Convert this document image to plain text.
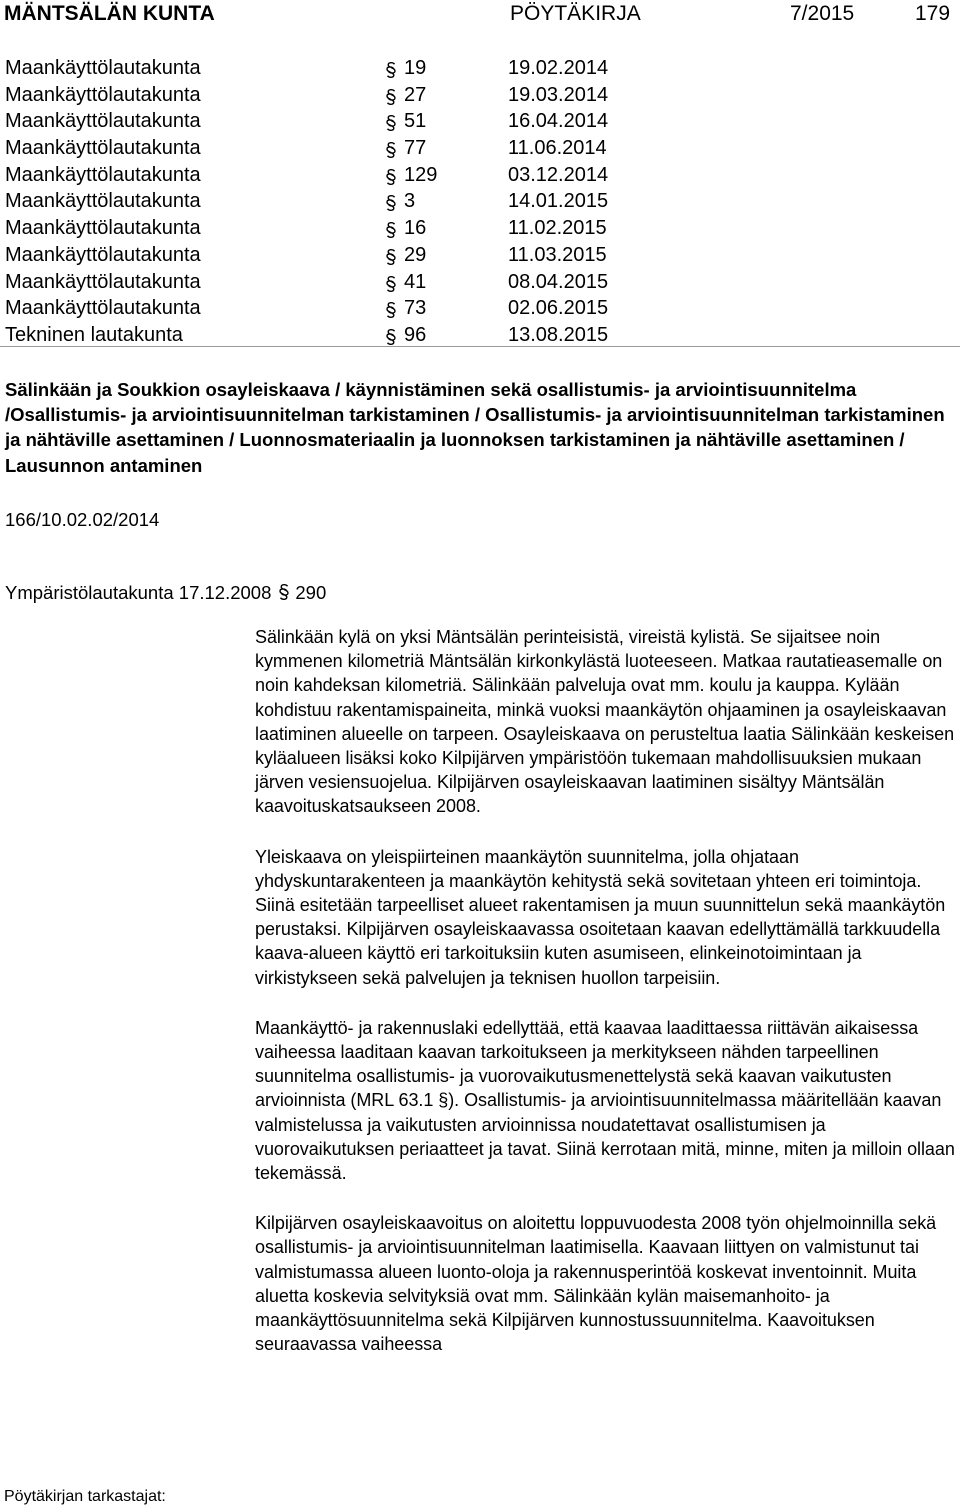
MÄNTSÄLÄN KUNTA	PÖYTÄKIRJA	7/2015	179
Maankäyttölautakunta	19	19.02.2014
Maankäyttölautakunta	27	19.03.2014
Maankäyttölautakunta	51	16.04.2014
Maankäyttölautakunta	77	11.06.2014
Maankäyttölautakunta	129	03.12.2014
Maankäyttölautakunta	3	14.01.2015
Maankäyttölautakunta	16	11.02.2015
Maankäyttölautakunta	29	11.03.2015
Maankäyttölautakunta	41	08.04.2015
Maankäyttölautakunta	73	02.06.2015
Tekninen lautakunta	96	13.08.2015
Sälinkään ja Soukkion osayleiskaava / käynnistäminen sekä osallistumis- ja arviointisuunnitelma /Osallistumis- ja arviointisuunnitelman tarkistaminen / Osallistumis- ja arviointisuunnitelman tarkistaminen ja nähtäville asettaminen / Luonnosmateriaalin ja luonnoksen tarkistaminen ja nähtäville asettaminen / Lausunnon antaminen
166/10.02.02/2014
Ympäristölautakunta 17.12.2008 290

Sälinkään kylä on yksi Mäntsälän perinteisistä, vireistä kylistä. Se sijaitsee noin kymmenen kilometriä Mäntsälän kirkonkylästä luoteeseen. Matkaa rautatieasemalle on noin kahdeksan kilometriä. Sälinkään palveluja ovat mm. koulu ja kauppa. Kylään kohdistuu rakentamispaineita, minkä vuoksi maankäytön ohjaaminen ja osayleiskaavan laatiminen alueelle on tarpeen. Osayleiskaava on perusteltua laatia Sälinkään keskeisen kyläalueen lisäksi koko Kilpijärven ympäristöön tukemaan mahdollisuuksien mukaan järven vesiensuojelua. Kilpijärven osayleiskaavan laatiminen sisältyy Mäntsälän kaavoituskatsaukseen 2008.

Yleiskaava on yleispiirteinen maankäytön suunnitelma, jolla ohjataan yhdyskuntarakenteen ja maankäytön kehitystä sekä sovitetaan yhteen eri toimintoja. Siinä esitetään tarpeelliset alueet rakentamisen ja muun suunnittelun sekä maankäytön perustaksi. Kilpijärven osayleiskaavassa osoitetaan kaavan edellyttämällä tarkkuudella kaava-alueen käyttö eri tarkoituksiin kuten asumiseen, elinkeinotoimintaan ja virkistykseen sekä palvelujen ja teknisen huollon tarpeisiin.

Maankäyttö- ja rakennuslaki edellyttää, että kaavaa laadittaessa riittävän aikaisessa vaiheessa laaditaan kaavan tarkoitukseen ja merkitykseen nähden tarpeellinen suunnitelma osallistumis- ja vuorovaikutusmenettelystä sekä kaavan vaikutusten arvioinnista (MRL 63.1 §). Osallistumis- ja arviointisuunnitelmassa määritellään kaavan valmistelussa ja vaikutusten arvioinnissa noudatettavat osallistumisen ja vuorovaikutuksen periaatteet ja tavat. Siinä kerrotaan mitä, minne, miten ja milloin ollaan tekemässä.

Kilpijärven osayleiskaavoitus on aloitettu loppuvuodesta 2008 työn ohjelmoinnilla sekä osallistumis- ja arviointisuunnitelman laatimisella. Kaavaan liittyen on valmistunut tai valmistumassa alueen luonto-oloja ja rakennusperintöä koskevat inventoinnit. Muita aluetta koskevia selvityksiä ovat mm. Sälinkään kylän maisemanhoito- ja maankäyttösuunnitelma sekä Kilpijärven kunnostussuunnitelma. Kaavoituksen seuraavassa vaiheessa

Pöytäkirjan tarkastajat:
